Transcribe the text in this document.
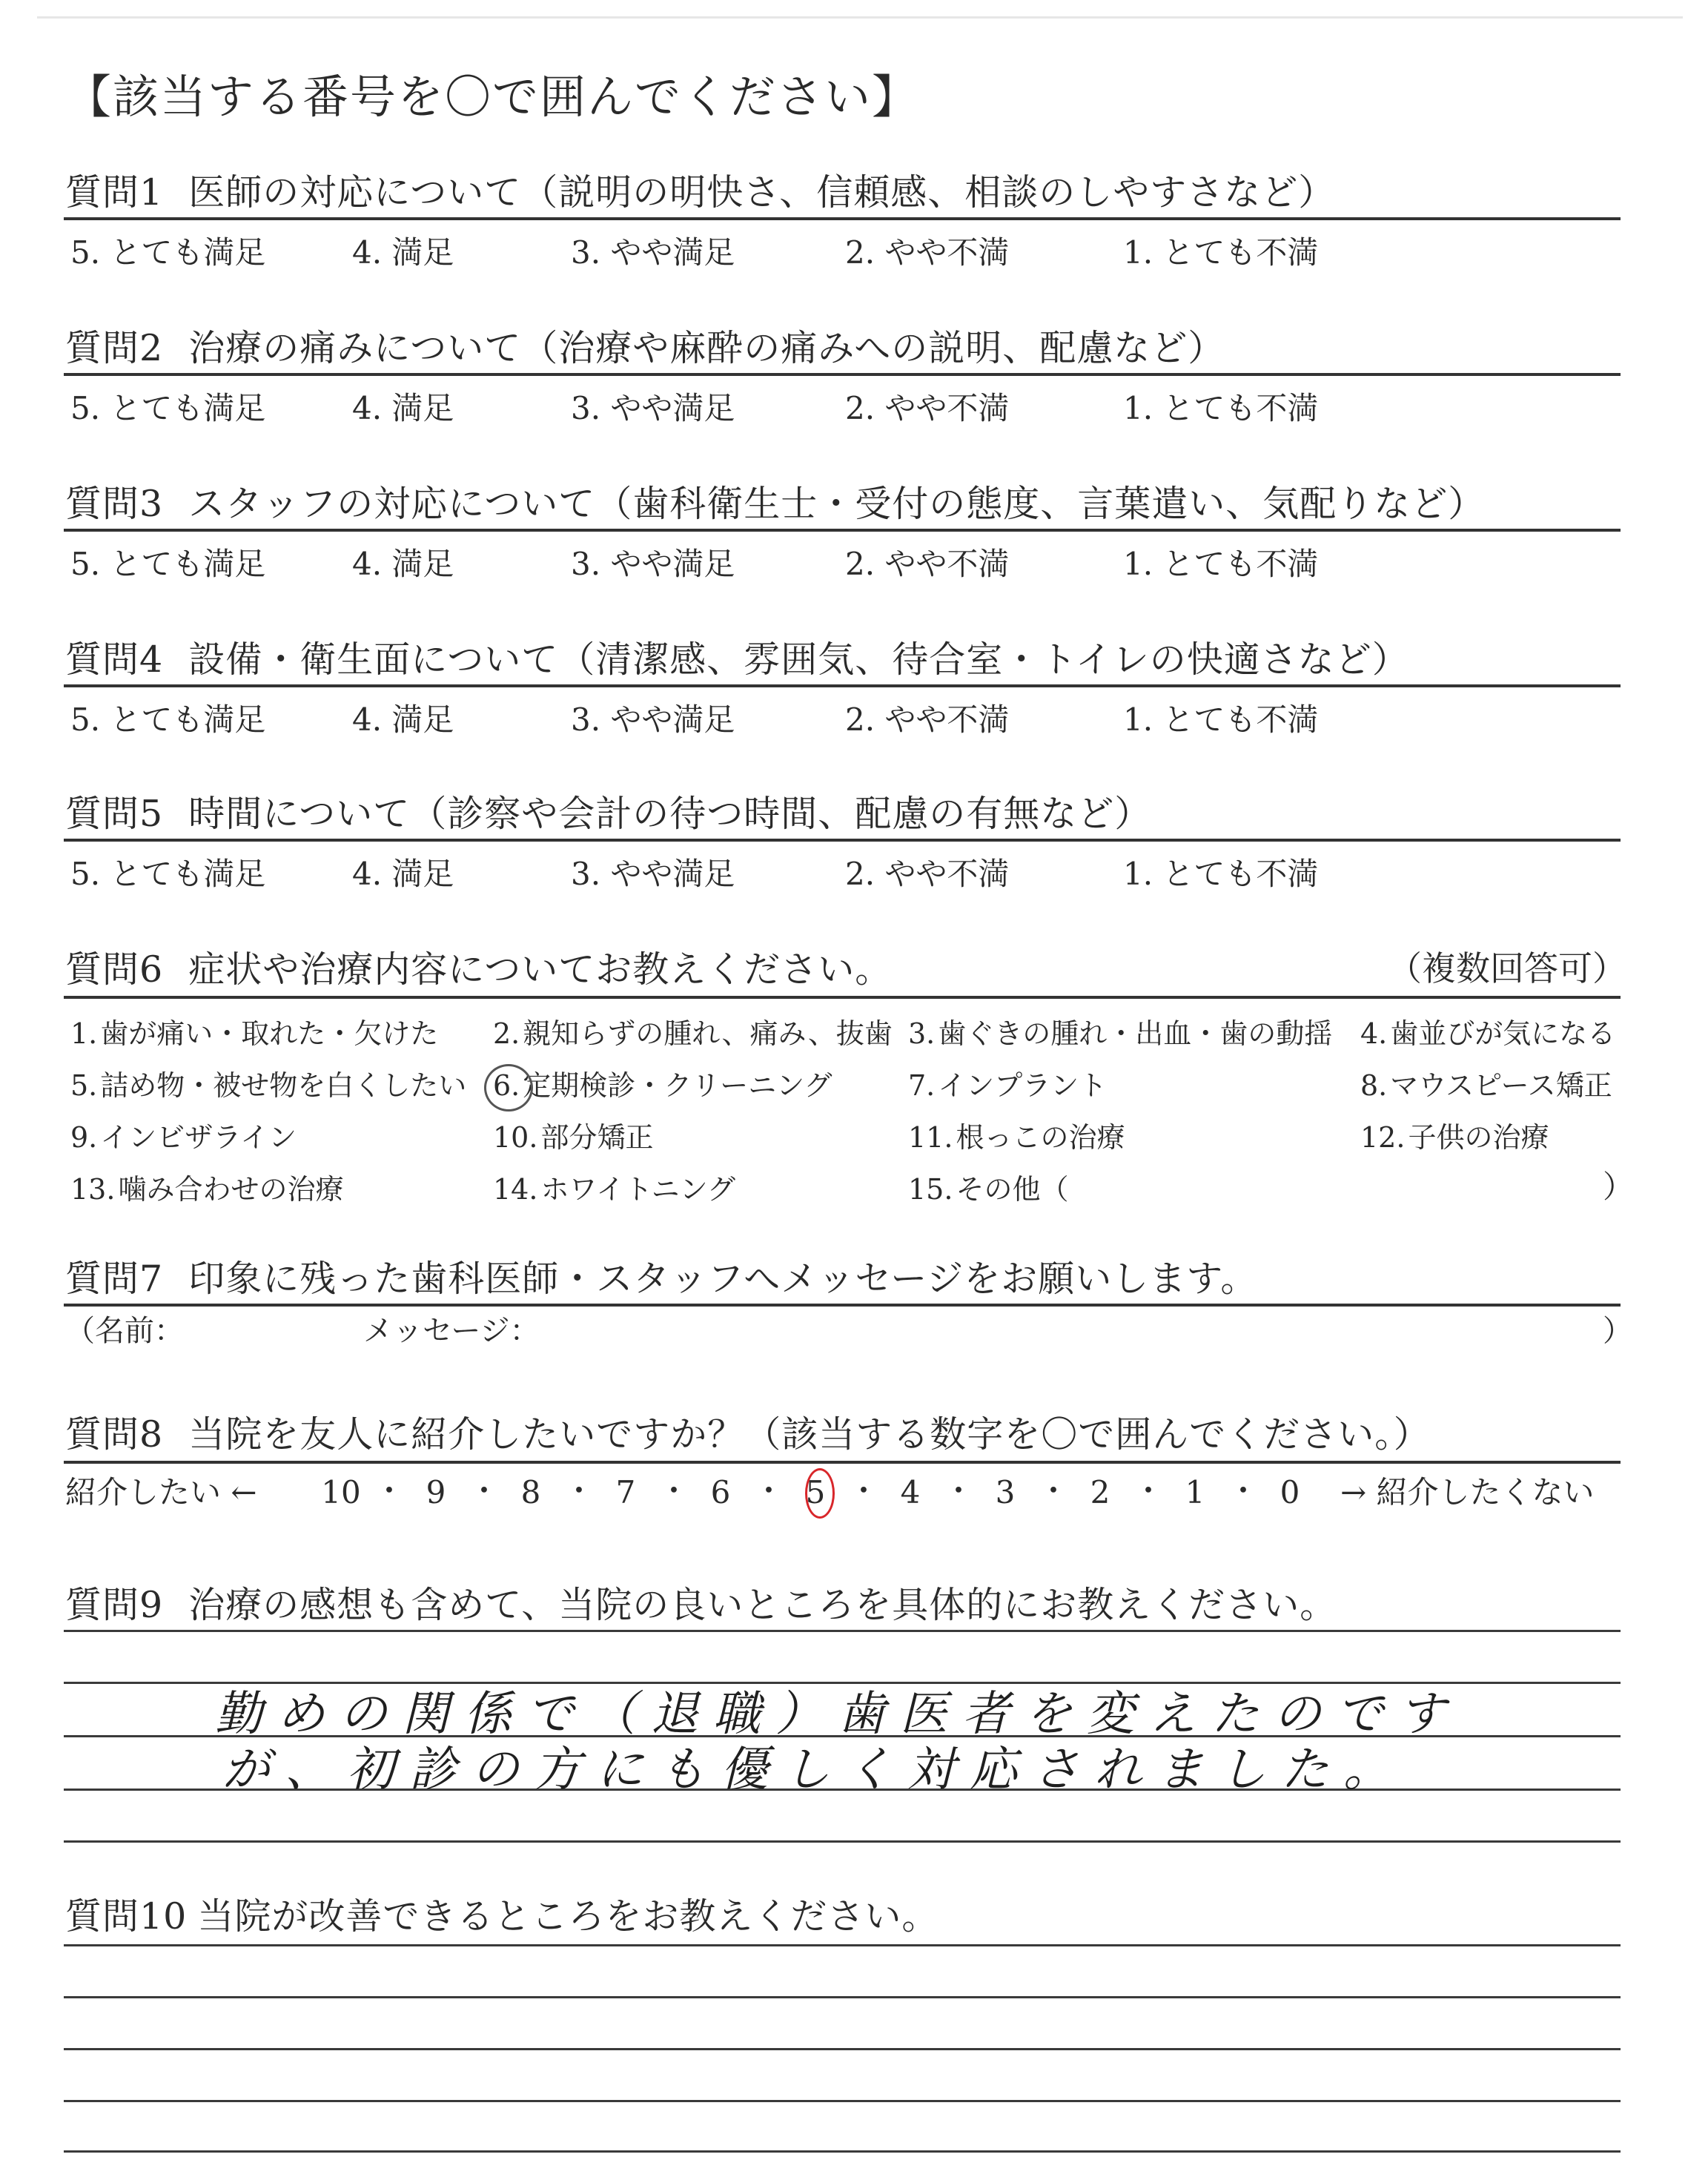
【該当する番号を〇で囲んでください】
質問1 医師の対応について（説明の明快さ、信頼感、相談のしやすさなど）
5. とても満足	4. 満足	3. やや満足	2. やや不満	1. とても不満
質問2 治療の痛みについて（治療や麻酔の痛みへの説明、配慮など）
5. とても満足	4. 満足	3. やや満足	2. やや不満	1. とても不満
質問3 スタッフの対応について（歯科衛生士・受付の態度、言葉遣い、気配りなど）
5. とても満足	4. 満足	3. やや満足	2. やや不満	1. とても不満
質問4 設備・衛生面について（清潔感、雰囲気、待合室・トイレの快適さなど）
5. とても満足	4. 満足	3. やや満足	2. やや不満	1. とても不満
質問5 時間について（診察や会計の待つ時間、配慮の有無など）
5. とても満足	4. 満足	3. やや満足	2. やや不満	1. とても不満
質問6 症状や治療内容についてお教えください。	（複数回答可）
1. 歯が痛い・取れた・欠けた 2. 親知らずの腫れ、痛み、抜歯 3. 歯ぐきの腫れ・出血・歯の動揺 4. 歯並びが気になる
5. 詰め物・被せ物を白くしたい 6. 定期検診・クリーニング	7. インプラント	8. マウスピース矯正
9. インビザライン	10. 部分矯正	11. 根っこの治療	12. 子供の治療
13. 噛み合わせの治療	14. ホワイトニング	15. その他（	）
質問7 印象に残った歯科医師・スタッフへメッセージをお願いします。
（名前：	メッセージ：	）
質問8 当院を友人に紹介したいですか？（該当する数字を〇で囲んでください。）
紹介したい ← 10 ・ 9 ・ 8 ・ 7 ・ 6 ・ 5 ・ 4 ・ 3 ・ 2 ・ 1 ・ 0	→ 紹介したくない
質問9 治療の感想も含めて、当院の良いところを具体的にお教えください。
勤めの関係で（退職）歯医者を変えたのです
が、初診の方にも優しく対応されました。
質問10 当院が改善できるところをお教えください。
